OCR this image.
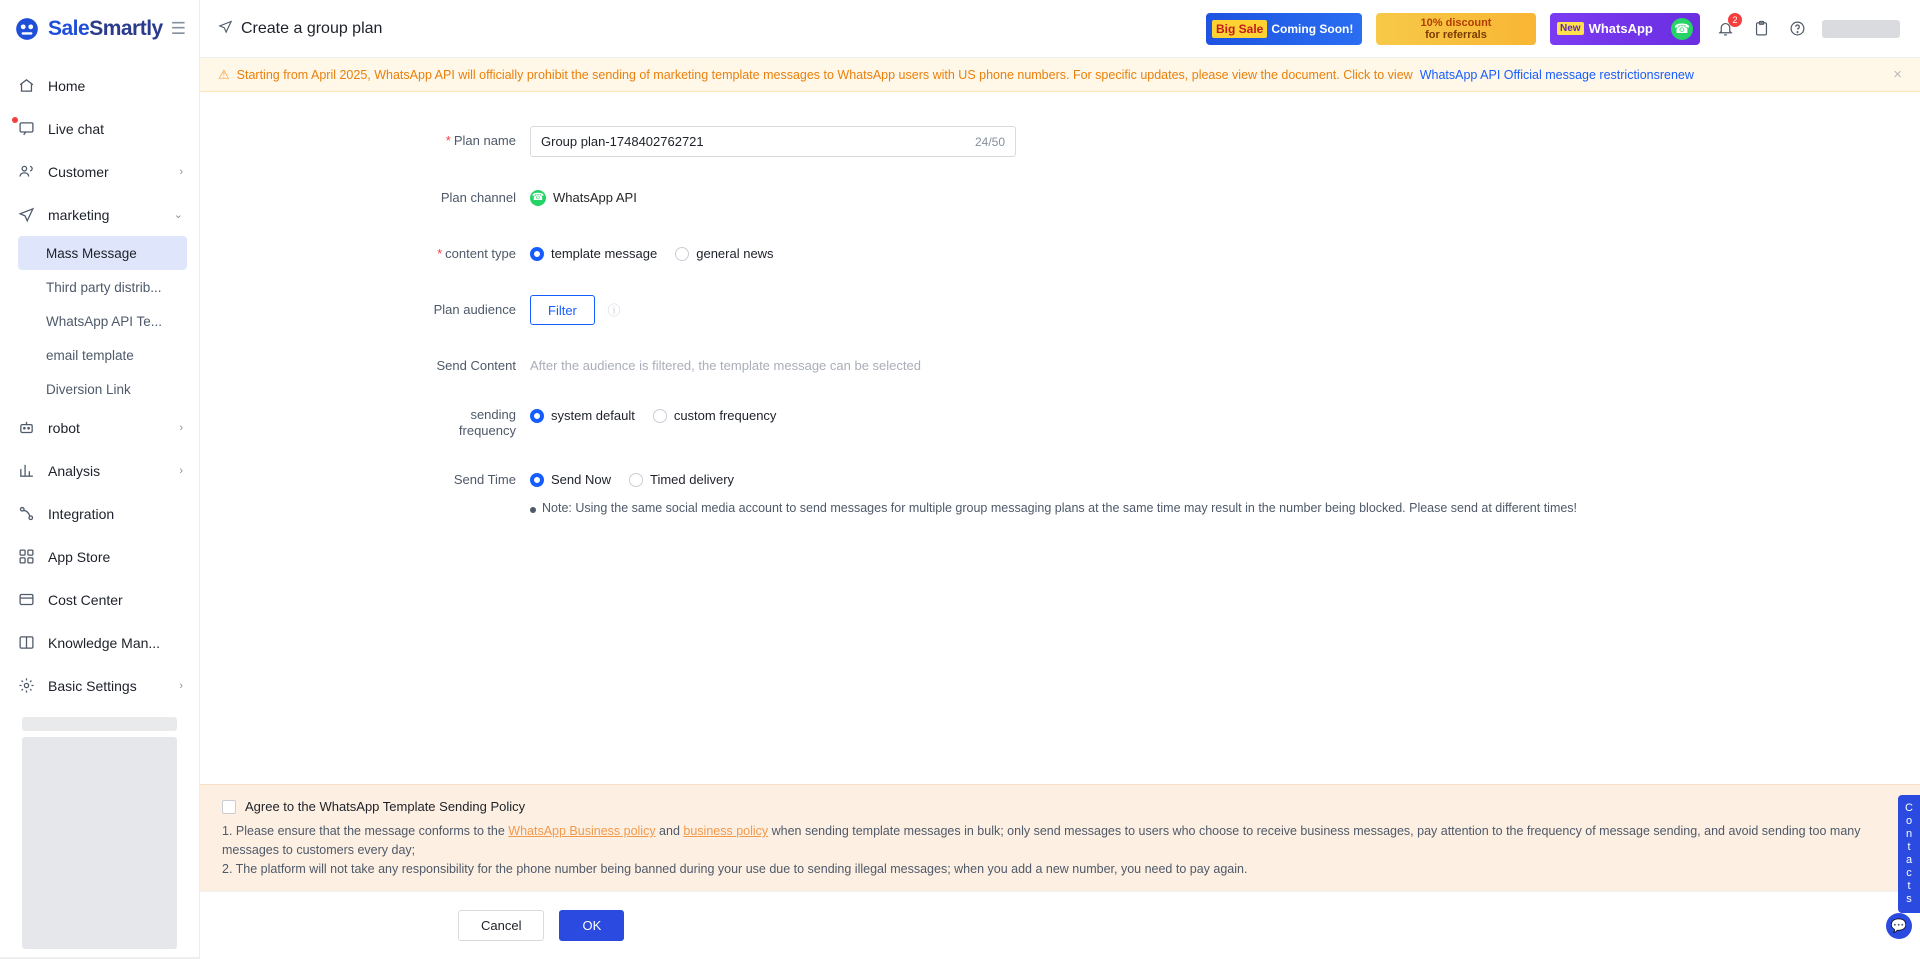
SaleSmartly ☰
Home
Live chat
Customer	›
marketing	⌄
Mass Message
Third party distrib...
WhatsApp API Te...
email template
Diversion Link
robot	›
Analysis	›
Integration
App Store
Cost Center
Knowledge Man...
Basic Settings	›
Create a group plan	Big Sale Coming Soon!	10% discount
for referrals	New WhatsApp ☎
2
⚠ Starting from April 2025, WhatsApp API will officially prohibit the sending of marketing template messages to WhatsApp users with US phone numbers. For specific updates, please view the document. Click to view WhatsApp API Official message restrictionsrenew	×
* Plan name	Group plan-1748402762721	24/50
Plan channel	☎ WhatsApp API
* content type	template message	general news
Plan audience	Filter ⓘ
Send Content	After the audience is filtered, the template message can be selected
sending
frequency
system default	custom frequency
Send Time	Send Now	Timed delivery
Note: Using the same social media account to send messages for multiple group messaging plans at the same time may result in the number being blocked. Please send at different times!
Agree to the WhatsApp Template Sending Policy

1. Please ensure that the message conforms to the WhatsApp Business policy and business policy when sending template messages in bulk; only send messages to users who choose to receive business messages, pay attention to the frequency of message sending, and avoid sending too many messages to customers every day;

2. The platform will not take any responsibility for the phone number being banned during your use due to sending illegal messages; when you add a new number, you need to pay again.

Cancel	OK
Contacts
💬
